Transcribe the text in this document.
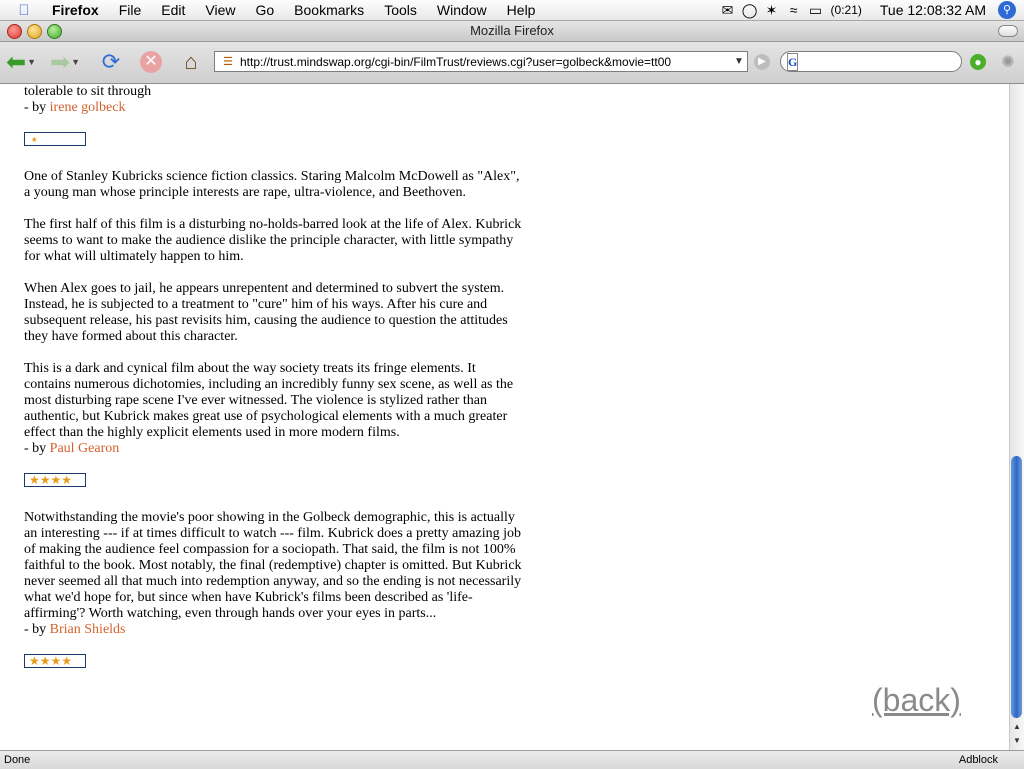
Firefox	File	Edit	View	Go	Bookmarks	Tools	Window	Help	✉ ◯ ✶ ≈ ▭ (0:21) Tue 12:08:32 AM	⚲
Mozilla Firefox
⬅ ▼ ➡ ▼ ⟳ ✕ ⌂ ☰ http://trust.mindswap.org/cgi-bin/FilmTrust/reviews.cgi?user=golbeck&movie=tt00	▼	▶	G	● ✺

tolerable to sit through

- by irene golbeck

⭑

One of Stanley Kubricks science fiction classics. Staring Malcolm McDowell as "Alex", a young man whose principle interests are rape, ultra-violence, and Beethoven.

The first half of this film is a disturbing no-holds-barred look at the life of Alex. Kubrick seems to want to make the audience dislike the principle character, with little sympathy for what will ultimately happen to him.

When Alex goes to jail, he appears unrepentent and determined to subvert the system. Instead, he is subjected to a treatment to "cure" him of his ways. After his cure and subsequent release, his past revisits him, causing the audience to question the attitudes they have formed about this character.

This is a dark and cynical film about the way society treats its fringe elements. It contains numerous dichotomies, including an incredibly funny sex scene, as well as the most disturbing rape scene I've ever witnessed. The violence is stylized rather than authentic, but Kubrick makes great use of psychological elements with a much greater effect than the highly explicit elements used in more modern films.

- by Paul Gearon

★★★★

Notwithstanding the movie's poor showing in the Golbeck demographic, this is actually an interesting --- if at times difficult to watch --- film. Kubrick does a pretty amazing job of making the audience feel compassion for a sociopath. That said, the film is not 100% faithful to the book. Most notably, the final (redemptive) chapter is omitted. But Kubrick never seemed all that much into redemption anyway, and so the ending is not necessarily what we'd hope for, but since when have Kubrick's films been described as 'life-affirming'? Worth watching, even through hands over your eyes in parts...

- by Brian Shields

★★★★
(back)
▲
▼
Done	Adblock
